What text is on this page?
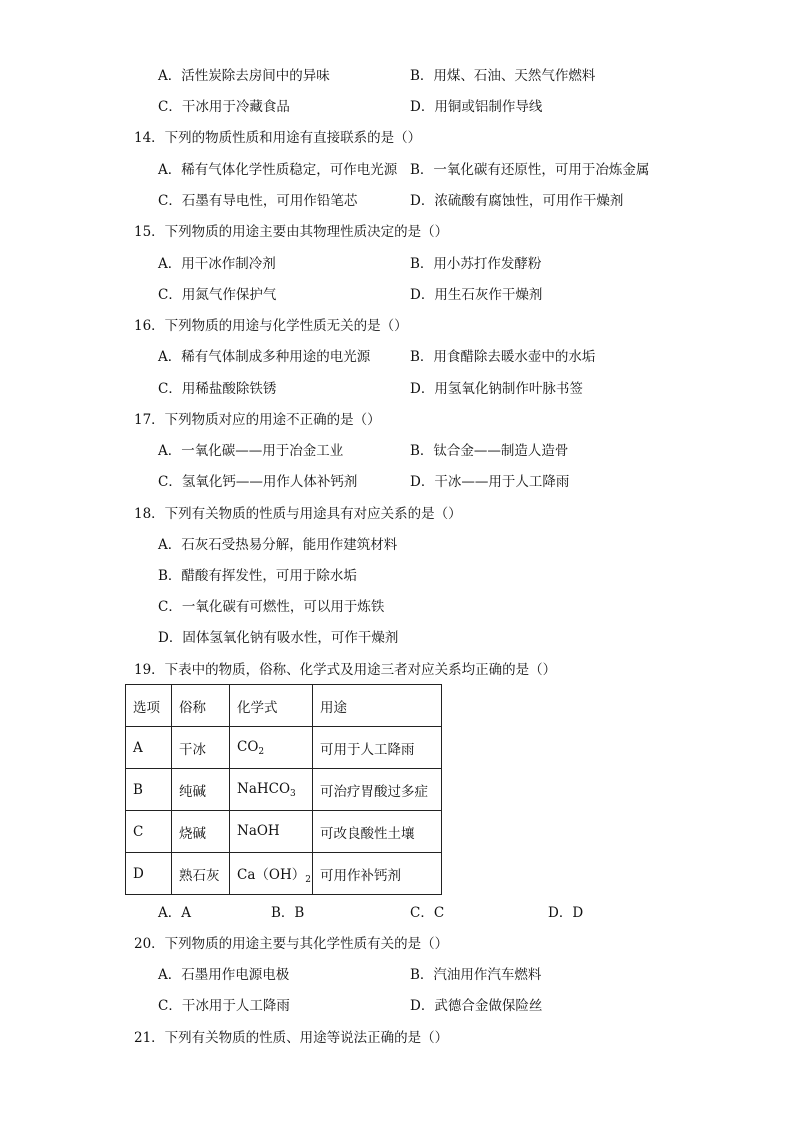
A．活性炭除去房间中的异味	B．用煤、石油、天然气作燃料
C．干冰用于冷藏食品	D．用铜或铝制作导线
14．下列的物质性质和用途有直接联系的是（）
A．稀有气体化学性质稳定，可作电光源 B．一氧化碳有还原性，可用于冶炼金属
C．石墨有导电性，可用作铅笔芯	D．浓硫酸有腐蚀性，可用作干燥剂
15．下列物质的用途主要由其物理性质决定的是（）
A．用干冰作制冷剂	B．用小苏打作发酵粉
C．用氮气作保护气	D．用生石灰作干燥剂
16．下列物质的用途与化学性质无关的是（）
A．稀有气体制成多种用途的电光源	B．用食醋除去暖水壶中的水垢
C．用稀盐酸除铁锈	D．用氢氧化钠制作叶脉书签
17．下列物质对应的用途不正确的是（）
A．一氧化碳——用于冶金工业	B．钛合金——制造人造骨
C．氢氧化钙——用作人体补钙剂	D．干冰——用于人工降雨
18．下列有关物质的性质与用途具有对应关系的是（）
A．石灰石受热易分解，能用作建筑材料
B．醋酸有挥发性，可用于除水垢
C．一氧化碳有可燃性，可以用于炼铁
D．固体氢氧化钠有吸水性，可作干燥剂
19．下表中的物质，俗称、化学式及用途三者对应关系均正确的是（）
选项	俗称	化学式	用途
A	干冰	$CO_2$	可用于人工降雨
B	纯碱	NaHCO$_3$	可治疗胃酸过多症
C	烧碱	NaOH	可改良酸性土壤
D	熟石灰	$Ca(OH)_2$	可用作补钙剂
A．A	B．B	C．C	D．D
20．下列物质的用途主要与其化学性质有关的是（）
A．石墨用作电源电极	B．汽油用作汽车燃料
C．干冰用于人工降雨	D．武德合金做保险丝
21．下列有关物质的性质、用途等说法正确的是（）
